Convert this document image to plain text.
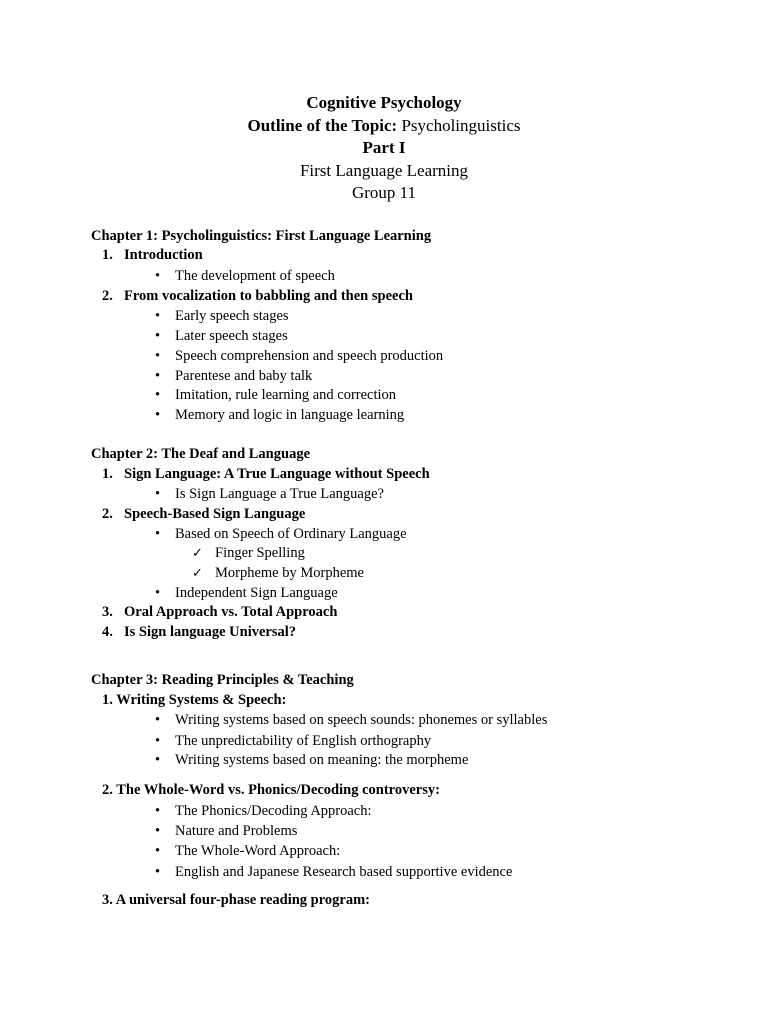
Cognitive Psychology
Outline of the Topic: Psycholinguistics
Part I
First Language Learning
Group 11
Chapter 1: Psycholinguistics: First Language Learning
1. Introduction
• The development of speech
2. From vocalization to babbling and then speech
• Early speech stages
• Later speech stages
• Speech comprehension and speech production
• Parentese and baby talk
• Imitation, rule learning and correction
• Memory and logic in language learning
Chapter 2: The Deaf and Language
1. Sign Language: A True Language without Speech
• Is Sign Language a True Language?
2. Speech-Based Sign Language
• Based on Speech of Ordinary Language
✓ Finger Spelling
✓ Morpheme by Morpheme
• Independent Sign Language
3. Oral Approach vs. Total Approach
4. Is Sign language Universal?
Chapter 3: Reading Principles & Teaching
1. Writing Systems & Speech:
• Writing systems based on speech sounds: phonemes or syllables
• The unpredictability of English orthography
• Writing systems based on meaning: the morpheme
2. The Whole-Word vs. Phonics/Decoding controversy:
• The Phonics/Decoding Approach:
• Nature and Problems
• The Whole-Word Approach:
• English and Japanese Research based supportive evidence
3. A universal four-phase reading program:
